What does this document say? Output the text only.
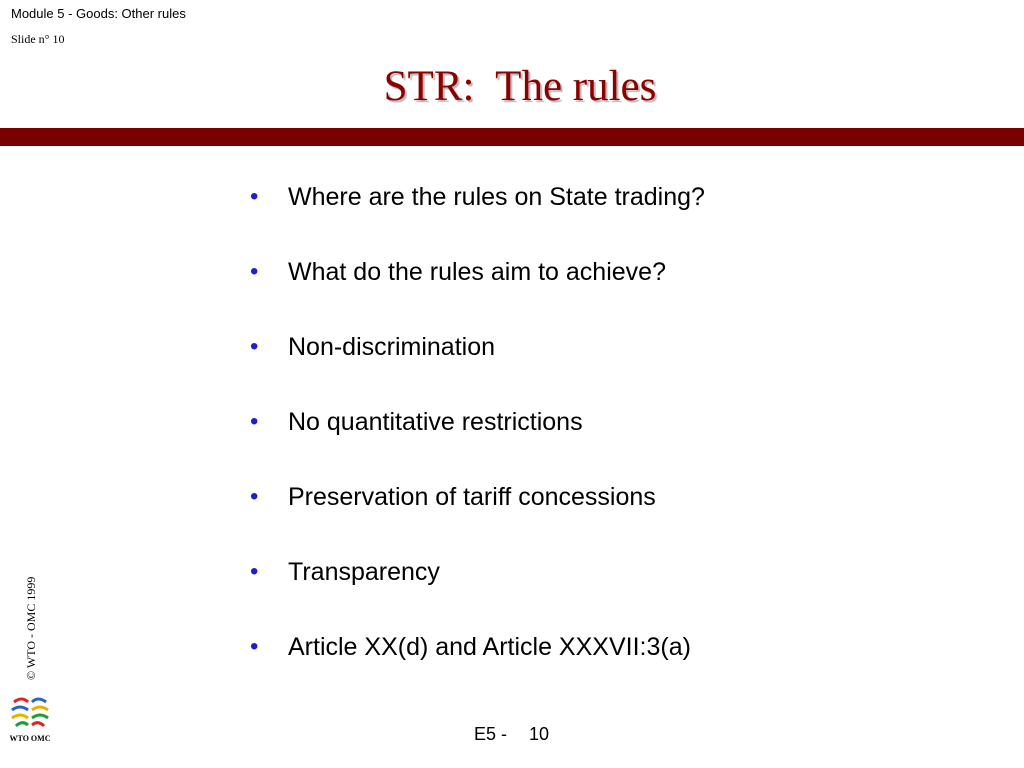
Module 5 - Goods: Other rules
Slide n° 10
STR:  The rules
• Where are the rules on State trading?
• What do the rules aim to achieve?
• Non-discrimination
• No quantitative restrictions
• Preservation of tariff concessions
• Transparency
• Article XX(d) and Article XXXVII:3(a)
© WTO - OMC 1999
WTO OMC	E5 - 10
